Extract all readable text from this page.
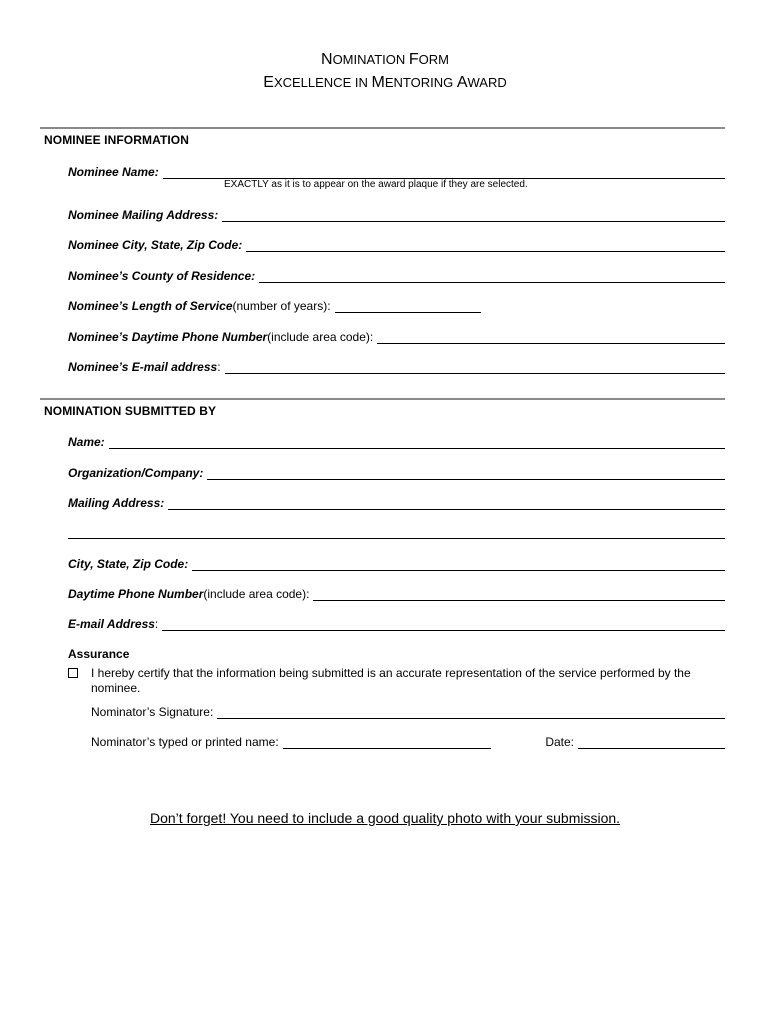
NOMINATION FORM
EXCELLENCE IN MENTORING AWARD
NOMINEE INFORMATION
Nominee Name:
EXACTLY as it is to appear on the award plaque if they are selected.
Nominee Mailing Address:
Nominee City, State, Zip Code:
Nominee’s County of Residence:
Nominee’s Length of Service (number of years):
Nominee’s Daytime Phone Number (include area code):
Nominee’s E-mail address :
NOMINATION SUBMITTED BY
Name:
Organization/Company:
Mailing Address:
City, State, Zip Code:
Daytime Phone Number (include area code):
E-mail Address :
Assurance
I hereby certify that the information being submitted is an accurate representation of the service performed by the nominee.
Nominator’s Signature:
Nominator’s typed or printed name:	Date:
Don’t forget! You need to include a good quality photo with your submission.
